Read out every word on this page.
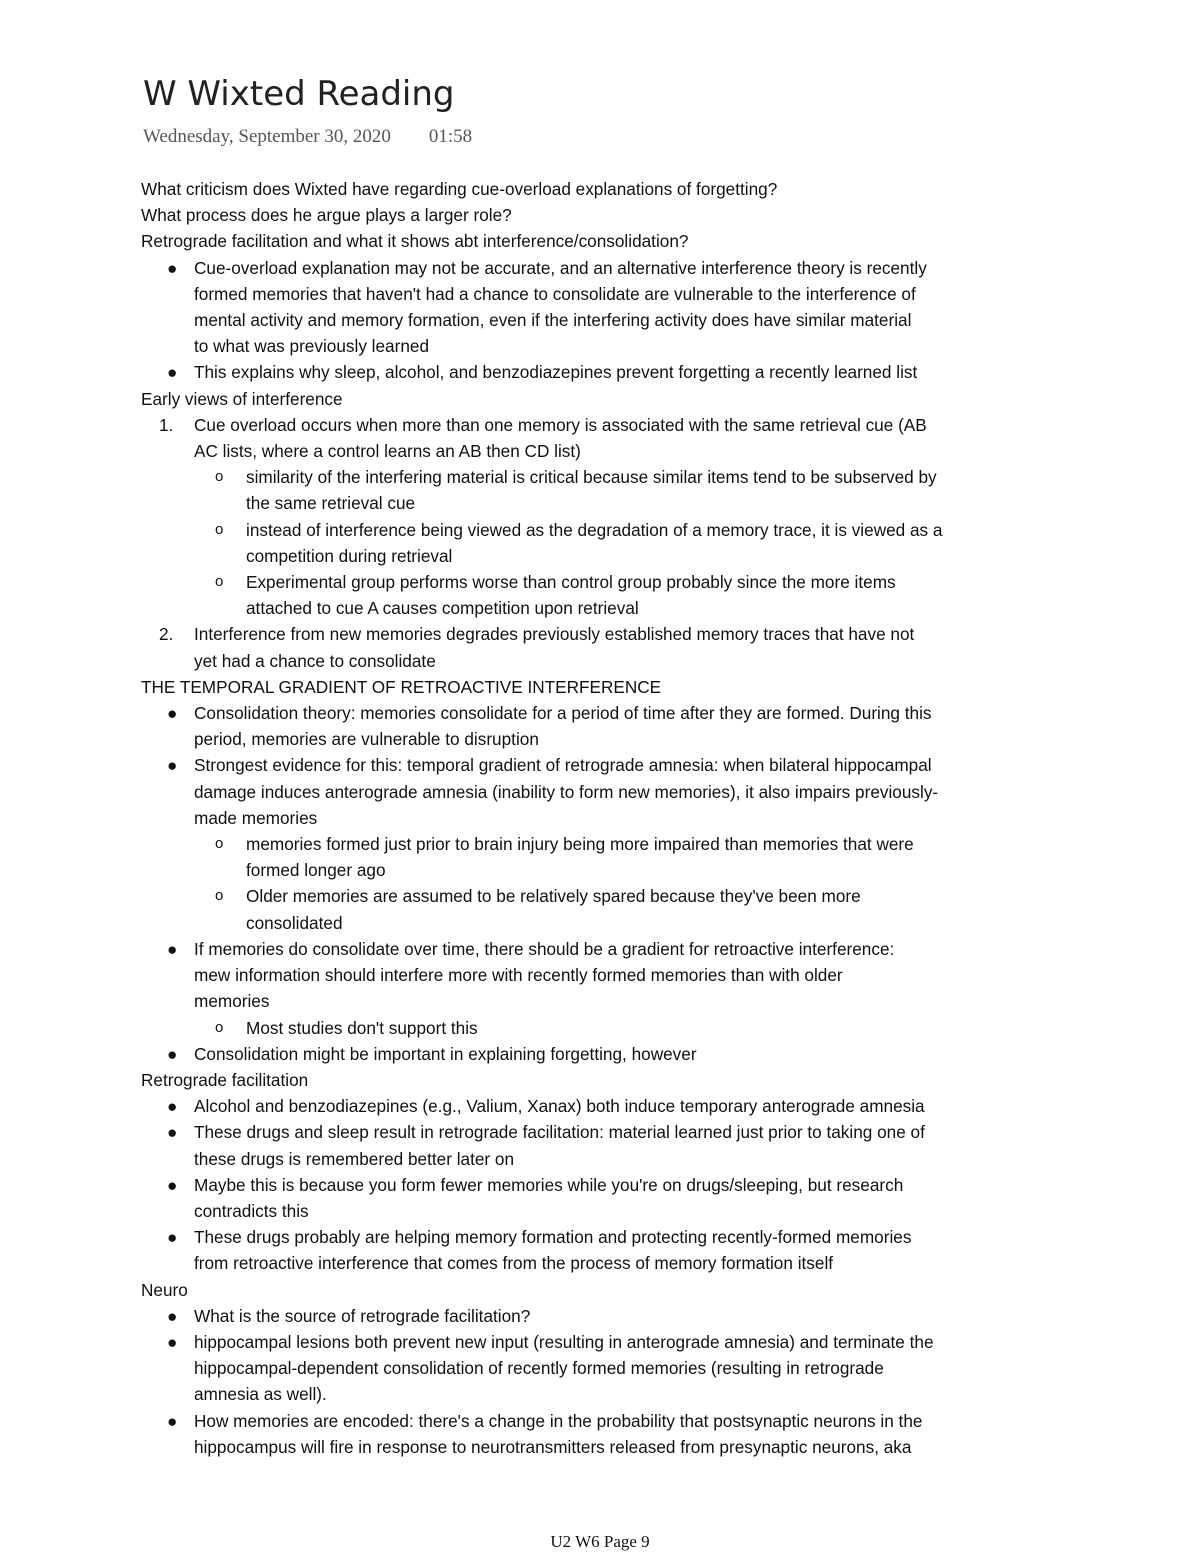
W Wixted Reading
Wednesday, September 30, 2020 01:58

What criticism does Wixted have regarding cue-overload explanations of forgetting?

What process does he argue plays a larger role?

Retrograde facilitation and what it shows abt interference/consolidation?

● Cue-overload explanation may not be accurate, and an alternative interference theory is recently
formed memories that haven't had a chance to consolidate are vulnerable to the interference of
mental activity and memory formation, even if the interfering activity does have similar material
to what was previously learned
● This explains why sleep, alcohol, and benzodiazepines prevent forgetting a recently learned list

Early views of interference

1. Cue overload occurs when more than one memory is associated with the same retrieval cue (AB
AC lists, where a control learns an AB then CD list)
o similarity of the interfering material is critical because similar items tend to be subserved by
the same retrieval cue
o instead of interference being viewed as the degradation of a memory trace, it is viewed as a
competition during retrieval
o Experimental group performs worse than control group probably since the more items
attached to cue A causes competition upon retrieval
2. Interference from new memories degrades previously established memory traces that have not
yet had a chance to consolidate

THE TEMPORAL GRADIENT OF RETROACTIVE INTERFERENCE

● Consolidation theory: memories consolidate for a period of time after they are formed. During this
period, memories are vulnerable to disruption
● Strongest evidence for this: temporal gradient of retrograde amnesia: when bilateral hippocampal
damage induces anterograde amnesia (inability to form new memories), it also impairs previously-
made memories
o memories formed just prior to brain injury being more impaired than memories that were
formed longer ago
o Older memories are assumed to be relatively spared because they've been more
consolidated
● If memories do consolidate over time, there should be a gradient for retroactive interference:
mew information should interfere more with recently formed memories than with older
memories
o Most studies don't support this
● Consolidation might be important in explaining forgetting, however

Retrograde facilitation

● Alcohol and benzodiazepines (e.g., Valium, Xanax) both induce temporary anterograde amnesia
● These drugs and sleep result in retrograde facilitation: material learned just prior to taking one of
these drugs is remembered better later on
● Maybe this is because you form fewer memories while you're on drugs/sleeping, but research
contradicts this
● These drugs probably are helping memory formation and protecting recently-formed memories
from retroactive interference that comes from the process of memory formation itself

Neuro

● What is the source of retrograde facilitation?
● hippocampal lesions both prevent new input (resulting in anterograde amnesia) and terminate the
hippocampal-dependent consolidation of recently formed memories (resulting in retrograde
amnesia as well).
● How memories are encoded: there's a change in the probability that postsynaptic neurons in the
hippocampus will fire in response to neurotransmitters released from presynaptic neurons, aka
U2 W6 Page 9
